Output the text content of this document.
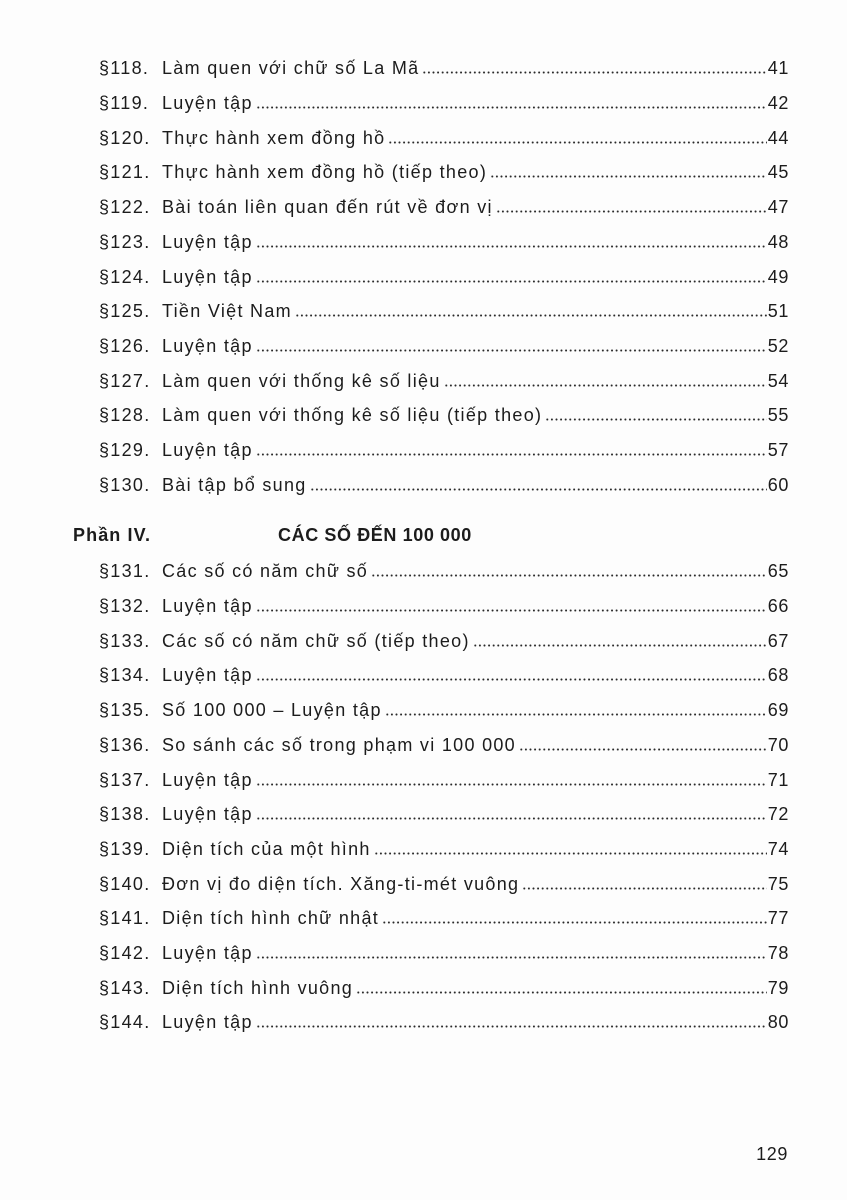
§118. Làm quen với chữ số La Mã	41
§119. Luyện tập	42
§120. Thực hành xem đồng hồ	44
§121. Thực hành xem đồng hồ (tiếp theo)	45
§122. Bài toán liên quan đến rút về đơn vị	47
§123. Luyện tập	48
§124. Luyện tập	49
§125. Tiền Việt Nam	51
§126. Luyện tập	52
§127. Làm quen với thống kê số liệu	54
§128. Làm quen với thống kê số liệu (tiếp theo)	55
§129. Luyện tập	57
§130. Bài tập bổ sung	60
Phần IV.	CÁC SỐ ĐẾN 100 000
§131. Các số có năm chữ số	65
§132. Luyện tập	66
§133. Các số có năm chữ số (tiếp theo)	67
§134. Luyện tập	68
§135. Số 100 000 – Luyện tập	69
§136. So sánh các số trong phạm vi 100 000	70
§137. Luyện tập	71
§138. Luyện tập	72
§139. Diện tích của một hình	74
§140. Đơn vị đo diện tích. Xăng-ti-mét vuông	75
§141. Diện tích hình chữ nhật	77
§142. Luyện tập	78
§143. Diện tích hình vuông	79
§144. Luyện tập	80
129
